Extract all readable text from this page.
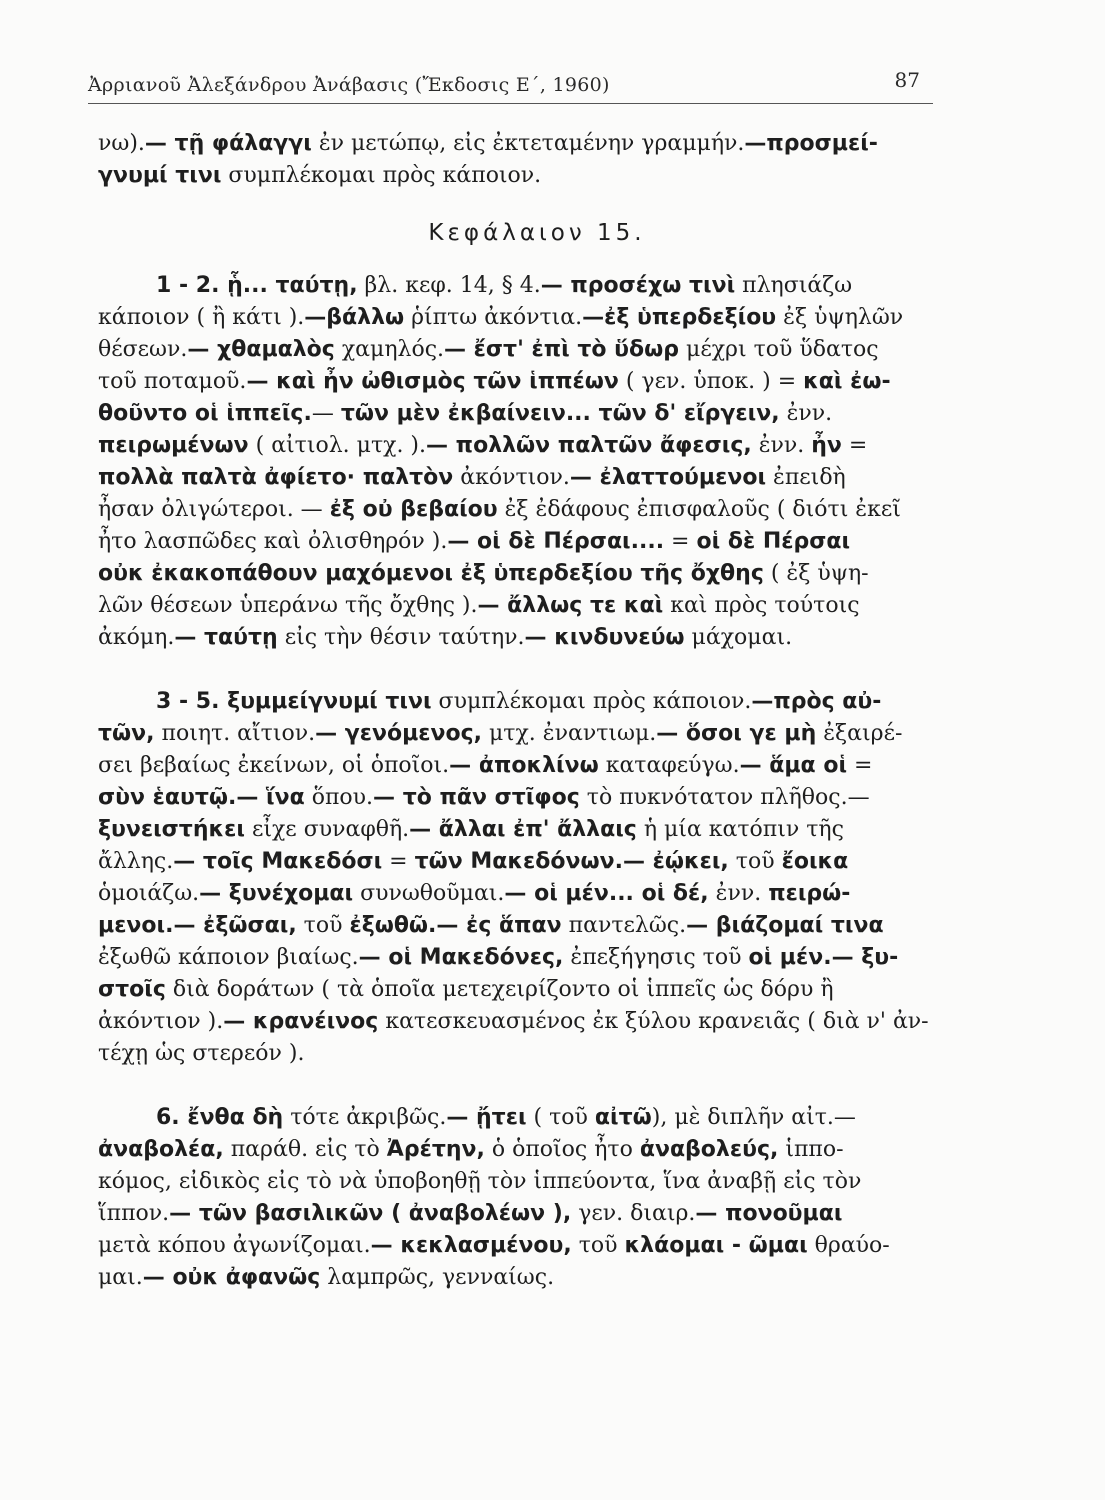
Ἀρριανοῦ Ἀλεξάνδρου Ἀνάβασις (Ἔκδοσις Ε΄, 1960)	87
νω).— τῇ φάλαγγι ἐν μετώπῳ, εἰς ἐκτεταμένην γραμμήν.—προσμεί-
γνυμί τινι συμπλέκομαι πρὸς κάποιον.
Κεφάλαιον 15.
1 - 2. ᾗ... ταύτῃ, βλ. κεφ. 14, § 4.— προσέχω τινὶ πλησιάζω
κάποιον ( ἢ κάτι ).—βάλλω ῥίπτω ἀκόντια.—ἐξ ὑπερδεξίου ἐξ ὑψηλῶν
θέσεων.— χθαμαλὸς χαμηλός.— ἔστ' ἐπὶ τὸ ὕδωρ μέχρι τοῦ ὕδατος
τοῦ ποταμοῦ.— καὶ ἦν ὠθισμὸς τῶν ἱππέων ( γεν. ὑποκ. ) = καὶ ἐω-
θοῦντο οἱ ἱππεῖς.— τῶν μὲν ἐκβαίνειν... τῶν δ' εἴργειν, ἐνν.
πειρωμένων ( αἰτιολ. μτχ. ).— πολλῶν παλτῶν ἄφεσις, ἐνν. ἦν =
πολλὰ παλτὰ ἀφίετο· παλτὸν ἀκόντιον.— ἐλαττούμενοι ἐπειδὴ
ἦσαν ὀλιγώτεροι. — ἐξ οὐ βεβαίου ἐξ ἐδάφους ἐπισφαλοῦς ( διότι ἐκεῖ
ἦτο λασπῶδες καὶ ὀλισθηρόν ).— οἱ δὲ Πέρσαι.... = οἱ δὲ Πέρσαι
οὐκ ἐκακοπάθουν μαχόμενοι ἐξ ὑπερδεξίου τῆς ὄχθης ( ἐξ ὑψη-
λῶν θέσεων ὑπεράνω τῆς ὄχθης ).— ἄλλως τε καὶ καὶ πρὸς τούτοις
ἀκόμη.— ταύτῃ εἰς τὴν θέσιν ταύτην.— κινδυνεύω μάχομαι.
3 - 5. ξυμμείγνυμί τινι συμπλέκομαι πρὸς κάποιον.—πρὸς αὐ-
τῶν, ποιητ. αἴτιον.— γενόμενος, μτχ. ἐναντιωμ.— ὅσοι γε μὴ ἐξαιρέ-
σει βεβαίως ἐκείνων, οἱ ὁποῖοι.— ἀποκλίνω καταφεύγω.— ἅμα οἱ =
σὺν ἑαυτῷ.— ἵνα ὅπου.— τὸ πᾶν στῖφος τὸ πυκνότατον πλῆθος.—
ξυνειστήκει εἶχε συναφθῆ.— ἄλλαι ἐπ' ἄλλαις ἡ μία κατόπιν τῆς
ἄλλης.— τοῖς Μακεδόσι = τῶν Μακεδόνων.— ἐῴκει, τοῦ ἔοικα
ὁμοιάζω.— ξυνέχομαι συνωθοῦμαι.— οἱ μέν... οἱ δέ, ἐνν. πειρώ-
μενοι.— ἐξῶσαι, τοῦ ἐξωθῶ.— ἐς ἅπαν παντελῶς.— βιάζομαί τινα
ἐξωθῶ κάποιον βιαίως.— οἱ Μακεδόνες, ἐπεξήγησις τοῦ οἱ μέν.— ξυ-
στοῖς διὰ δοράτων ( τὰ ὁποῖα μετεχειρίζοντο οἱ ἱππεῖς ὡς δόρυ ἢ
ἀκόντιον ).— κρανέινος κατεσκευασμένος ἐκ ξύλου κρανειᾶς ( διὰ ν' ἀν-
τέχῃ ὡς στερεόν ).
6. ἔνθα δὴ τότε ἀκριβῶς.— ᾔτει ( τοῦ αἰτῶ), μὲ διπλῆν αἰτ.—
ἀναβολέα, παράθ. εἰς τὸ Ἀρέτην, ὁ ὁποῖος ἦτο ἀναβολεύς, ἱππο-
κόμος, εἰδικὸς εἰς τὸ νὰ ὑποβοηθῇ τὸν ἱππεύοντα, ἵνα ἀναβῇ εἰς τὸν
ἵππον.— τῶν βασιλικῶν ( ἀναβολέων ), γεν. διαιρ.— πονοῦμαι
μετὰ κόπου ἀγωνίζομαι.— κεκλασμένου, τοῦ κλάομαι - ῶμαι θραύο-
μαι.— οὐκ ἀφανῶς λαμπρῶς, γενναίως.
